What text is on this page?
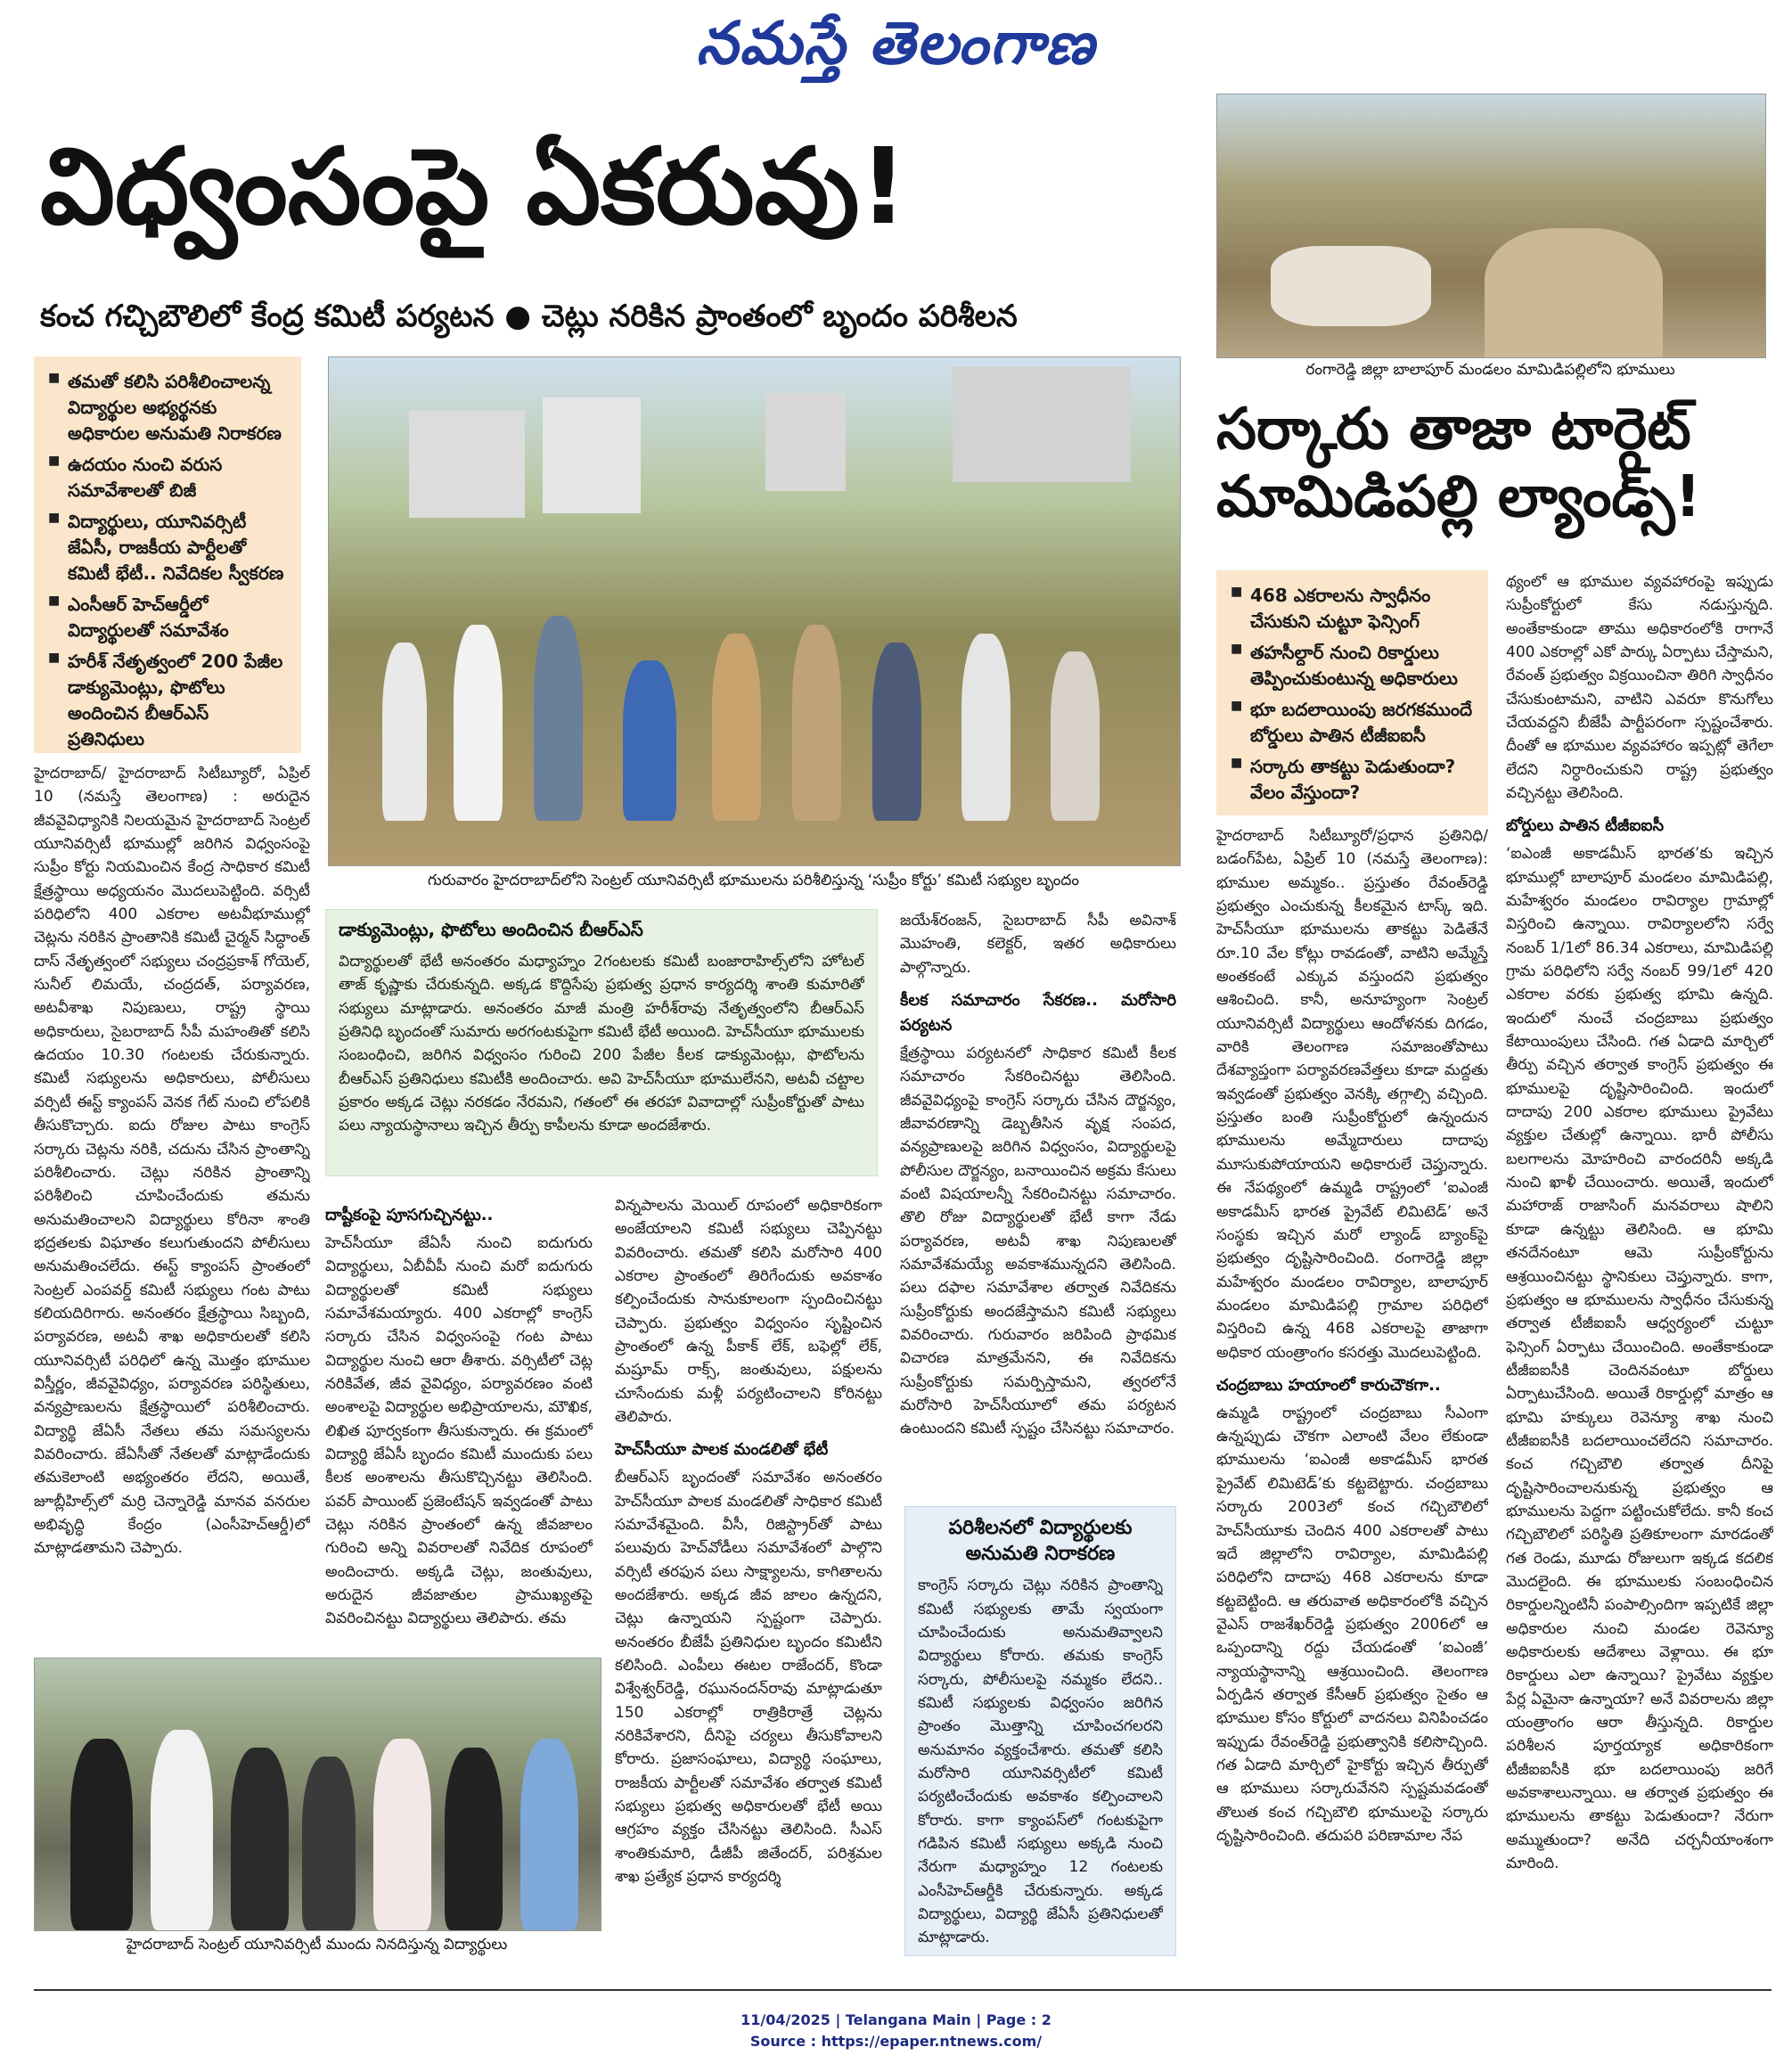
నమస్తే తెలంగాణ
విధ్వంసంపై ఏకరువు!
కంచ గచ్చిబౌలిలో కేంద్ర కమిటీ పర్యటన ● చెట్లు నరికిన ప్రాంతంలో బృందం పరిశీలన
■ తమతో కలిసి పరిశీలించాలన్న విద్యార్థుల అభ్యర్థనకు అధికారుల అనుమతి నిరాకరణ
■ ఉదయం నుంచి వరుస సమావేశాలతో బిజీ
■ విద్యార్థులు, యూనివర్సిటీ జేఏసీ, రాజకీయ పార్టీలతో కమిటీ భేటీ.. నివేదికల స్వీకరణ
■ ఎంసీఆర్ హెచ్‌ఆర్డీలో విద్యార్థులతో సమావేశం
■ హరీశ్ నేతృత్వంలో 200 పేజీల డాక్యుమెంట్లు, ఫొటోలు అందించిన బీఆర్‌ఎస్ ప్రతినిధులు
గురువారం హైదరాబాద్‌లోని సెంట్రల్ యూనివర్సిటీ భూములను పరిశీలిస్తున్న ‘సుప్రీం కోర్టు’ కమిటీ సభ్యుల బృందం
హైదరాబాద్/ హైదరాబాద్ సిటీబ్యూరో, ఏప్రిల్ 10 (నమస్తే తెలంగాణ) : అరుదైన జీవవైవిధ్యానికి నిలయమైన హైదరాబాద్ సెంట్రల్ యూనివర్సిటీ భూముల్లో జరిగిన విధ్వంసంపై సుప్రీం కోర్టు నియమించిన కేంద్ర సాధికార కమిటీ క్షేత్రస్థాయి అధ్యయనం మొదలుపెట్టింది. వర్సిటీ పరిధిలోని 400 ఎకరాల అటవీభూముల్లో చెట్లను నరికిన ప్రాంతానికి కమిటీ చైర్మన్ సిద్ధాంత్ దాస్ నేతృత్వంలో సభ్యులు చంద్రప్రకాశ్ గోయెల్, సునీల్ లిమయే, చంద్రదత్, పర్యావరణ, అటవీశాఖ నిపుణులు, రాష్ట్ర స్థాయి అధికారులు, సైబరాబాద్ సీపీ మహంతితో కలిసి ఉదయం 10.30 గంటలకు చేరుకున్నారు. కమిటీ సభ్యులను అధికారులు, పోలీసులు వర్సిటీ ఈస్ట్ క్యాంపస్ వెనక గేట్ నుంచి లోపలికి తీసుకొచ్చారు. ఐదు రోజుల పాటు కాంగ్రెస్ సర్కారు చెట్లను నరికి, చదును చేసిన ప్రాంతాన్ని పరిశీలించారు. చెట్లు నరికిన ప్రాంతాన్ని పరిశీలించి చూపించేందుకు తమను అనుమతించాలని విద్యార్థులు కోరినా శాంతి భద్రతలకు విఘాతం కలుగుతుందని పోలీసులు అనుమతించలేదు. ఈస్ట్ క్యాంపస్ ప్రాంతంలో సెంట్రల్ ఎంపవర్డ్ కమిటీ సభ్యులు గంట పాటు కలియదిరిగారు. అనంతరం క్షేత్రస్థాయి సిబ్బంది, పర్యావరణ, అటవీ శాఖ అధికారులతో కలిసి యూనివర్సిటీ పరిధిలో ఉన్న మొత్తం భూముల విస్తీర్ణం, జీవవైవిధ్యం, పర్యావరణ పరిస్థితులు, వన్యప్రాణులను క్షేత్రస్థాయిలో పరిశీలించారు. విద్యార్థి జేఏసీ నేతలు తమ సమస్యలను వివరించారు. జేఏసీతో నేతలతో మాట్లాడేందుకు తమకెలాంటి అభ్యంతరం లేదని, అయితే, జూబ్లీహిల్స్‌లో మర్రి చెన్నారెడ్డి మానవ వనరుల అభివృద్ధి కేంద్రం (ఎంసీహెచ్‌ఆర్డీ)లో మాట్లాడతామని చెప్పారు.
డాక్యుమెంట్లు, ఫొటోలు అందించిన బీఆర్‌ఎస్
విద్యార్థులతో భేటీ అనంతరం మధ్యాహ్నం 2గంటలకు కమిటీ బంజారాహిల్స్‌లోని హోటల్ తాజ్ కృష్ణాకు చేరుకున్నది. అక్కడ కొద్దిసేపు ప్రభుత్వ ప్రధాన కార్యదర్శి శాంతి కుమారితో సభ్యులు మాట్లాడారు. అనంతరం మాజీ మంత్రి హరీశ్‌రావు నేతృత్వంలోని బీఆర్‌ఎస్ ప్రతినిధి బృందంతో సుమారు అరగంటకుపైగా కమిటీ భేటీ అయింది. హెచ్‌సీయూ భూములకు సంబంధించి, జరిగిన విధ్వంసం గురించి 200 పేజీల కీలక డాక్యుమెంట్లు, ఫొటోలను బీఆర్‌ఎస్ ప్రతినిధులు కమిటీకి అందించారు. అవి హెచ్‌సీయూ భూములేనని, అటవీ చట్టాల ప్రకారం అక్కడ చెట్లు నరకడం నేరమని, గతంలో ఈ తరహా వివాదాల్లో సుప్రీంకోర్టుతో పాటు పలు న్యాయస్థానాలు ఇచ్చిన తీర్పు కాపీలను కూడా అందజేశారు.
దాష్టీకంపై పూసగుచ్చినట్టు..
హెచ్‌సీయూ జేఏసీ నుంచి ఐదుగురు విద్యార్థులు, ఏబీవీపీ నుంచి మరో ఐదుగురు విద్యార్థులతో కమిటీ సభ్యులు సమావేశమయ్యారు. 400 ఎకరాల్లో కాంగ్రెస్ సర్కారు చేసిన విధ్వంసంపై గంట పాటు విద్యార్థుల నుంచి ఆరా తీశారు. వర్సిటీలో చెట్ల నరికివేత, జీవ వైవిధ్యం, పర్యావరణం వంటి అంశాలపై విద్యార్థుల అభిప్రాయాలను, మౌఖిక, లిఖిత పూర్వకంగా తీసుకున్నారు. ఈ క్రమంలో విద్యార్థి జేఏసీ బృందం కమిటీ ముందుకు పలు కీలక అంశాలను తీసుకొచ్చినట్టు తెలిసింది. పవర్ పాయింట్ ప్రజెంటేషన్ ఇవ్వడంతో పాటు చెట్లు నరికిన ప్రాంతంలో ఉన్న జీవజాలం గురించి అన్ని వివరాలతో నివేదిక రూపంలో అందించారు. అక్కడి చెట్లు, జంతువులు, అరుదైన జీవజాతుల ప్రాముఖ్యతపై వివరించినట్టు విద్యార్థులు తెలిపారు. తమ
విన్నపాలను మెయిల్ రూపంలో అధికారికంగా అంజేయాలని కమిటీ సభ్యులు చెప్పినట్టు వివరించారు. తమతో కలిసి మరోసారి 400 ఎకరాల ప్రాంతంలో తిరిగేందుకు అవకాశం కల్పించేందుకు సానుకూలంగా స్పందించినట్టు చెప్పారు. ప్రభుత్వం విధ్వంసం సృష్టించిన ప్రాంతంలో ఉన్న పీకాక్ లేక్, బఫెల్లో లేక్, మష్రూమ్ రాక్స్, జంతువులు, పక్షులను చూసేందుకు మళ్లీ పర్యటించాలని కోరినట్టు తెలిపారు.
హెచ్‌సీయూ పాలక మండలితో భేటీ
బీఆర్‌ఎస్ బృందంతో సమావేశం అనంతరం హెచ్‌సీయూ పాలక మండలితో సాధికార కమిటీ సమావేశమైంది. వీసీ, రిజిస్ట్రార్‌తో పాటు పలువురు హెచ్‌వోడీలు సమావేశంలో పాల్గొని వర్సిటీ తరఫున పలు సాక్ష్యాలను, కాగితాలను అందజేశారు. అక్కడ జీవ జాలం ఉన్నదని, చెట్లు ఉన్నాయని స్పష్టంగా చెప్పారు. అనంతరం బీజేపీ ప్రతినిధుల బృందం కమిటీని కలిసింది. ఎంపీలు ఈటల రాజేందర్, కొండా విశ్వేశ్వర్‌రెడ్డి, రఘునందన్‌రావు మాట్లాడుతూ 150 ఎకరాల్లో రాత్రికిరాత్రే చెట్లను నరికివేశారని, దీనిపై చర్యలు తీసుకోవాలని కోరారు. ప్రజాసంఘాలు, విద్యార్థి సంఘాలు, రాజకీయ పార్టీలతో సమావేశం తర్వాత కమిటీ సభ్యులు ప్రభుత్వ అధికారులతో భేటీ అయి ఆగ్రహం వ్యక్తం చేసినట్టు తెలిసింది. సీఎస్ శాంతికుమారి, డీజీపీ జితేందర్, పరిశ్రమల శాఖ ప్రత్యేక ప్రధాన కార్యదర్శి
జయేశ్‌రంజన్, సైబరాబాద్ సీపీ అవినాశ్ మొహంతి, కలెక్టర్, ఇతర అధికారులు పాల్గొన్నారు.
కీలక సమాచారం సేకరణ.. మరోసారి పర్యటన
క్షేత్రస్థాయి పర్యటనలో సాధికార కమిటీ కీలక సమాచారం సేకరించినట్టు తెలిసింది. జీవవైవిధ్యంపై కాంగ్రెస్ సర్కారు చేసిన దౌర్జన్యం, జీవావరణాన్ని డెబ్బతీసిన వృక్ష సంపద, వన్యప్రాణులపై జరిగిన విధ్వంసం, విద్యార్థులపై పోలీసుల దౌర్జన్యం, బనాయించిన అక్రమ కేసులు వంటి విషయాలన్నీ సేకరించినట్టు సమాచారం. తొలి రోజు విద్యార్థులతో భేటీ కాగా నేడు పర్యావరణ, అటవీ శాఖ నిపుణులతో సమావేశమయ్యే అవకాశమున్నదని తెలిసింది. పలు దఫాల సమావేశాల తర్వాత నివేదికను సుప్రీంకోర్టుకు అందజేస్తామని కమిటీ సభ్యులు వివరించారు. గురువారం జరిపింది ప్రాథమిక విచారణ మాత్రమేనని, ఈ నివేదికను సుప్రీంకోర్టుకు సమర్పిస్తామని, త్వరలోనే మరోసారి హెచ్‌సీయూలో తమ పర్యటన ఉంటుందని కమిటీ స్పష్టం చేసినట్టు సమాచారం.
పరిశీలనలో విద్యార్థులకు అనుమతి నిరాకరణ
కాంగ్రెస్ సర్కారు చెట్లు నరికిన ప్రాంతాన్ని కమిటీ సభ్యులకు తామే స్వయంగా చూపించేందుకు అనుమతివ్వాలని విద్యార్థులు కోరారు. తమకు కాంగ్రెస్ సర్కారు, పోలీసులపై నమ్మకం లేదని.. కమిటీ సభ్యులకు విధ్వంసం జరిగిన ప్రాంతం మొత్తాన్ని చూపించగలరని అనుమానం వ్యక్తంచేశారు. తమతో కలిసి మరోసారి యూనివర్సిటీలో కమిటీ పర్యటించేందుకు అవకాశం కల్పించాలని కోరారు. కాగా క్యాంపస్‌లో గంటకుపైగా గడిపిన కమిటీ సభ్యులు అక్కడి నుంచి నేరుగా మధ్యాహ్నం 12 గంటలకు ఎంసీహెచ్‌ఆర్డీకి చేరుకున్నారు. అక్కడ విద్యార్థులు, విద్యార్థి జేఏసీ ప్రతినిధులతో మాట్లాడారు.
హైదరాబాద్ సెంట్రల్ యూనివర్సిటీ ముందు నినదిస్తున్న విద్యార్థులు
రంగారెడ్డి జిల్లా బాలాపూర్ మండలం మామిడిపల్లిలోని భూములు
సర్కారు తాజా టార్గెట్
మామిడిపల్లి ల్యాండ్స్!
■ 468 ఎకరాలను స్వాధీనం చేసుకుని చుట్టూ ఫెన్సింగ్
■ తహసీల్దార్ నుంచి రికార్డులు తెప్పించుకుంటున్న అధికారులు
■ భూ బదలాయింపు జరగకముందే బోర్డులు పాతిన టీజీఐఐసీ
■ సర్కారు తాకట్టు పెడుతుందా? వేలం వేస్తుందా?
హైదరాబాద్ సిటీబ్యూరో/ప్రధాన ప్రతినిధి/బడంగ్‌పేట, ఏప్రిల్ 10 (నమస్తే తెలంగాణ): భూముల అమ్మకం.. ప్రస్తుతం రేవంత్‌రెడ్డి ప్రభుత్వం ఎంచుకున్న కీలకమైన టాస్క్ ఇది. హెచ్‌సీయూ భూములను తాకట్టు పెడితేనే రూ.10 వేల కోట్లు రావడంతో, వాటిని అమ్మేస్తే అంతకంటే ఎక్కువ వస్తుందని ప్రభుత్వం ఆశించింది. కానీ, అనూహ్యంగా సెంట్రల్ యూనివర్సిటీ విద్యార్థులు ఆందోళనకు దిగడం, వారికి తెలంగాణ సమాజంతోపాటు దేశవ్యాప్తంగా పర్యావరణవేత్తలు కూడా మద్దతు ఇవ్వడంతో ప్రభుత్వం వెనక్కి తగ్గాల్సి వచ్చింది. ప్రస్తుతం బంతి సుప్రీంకోర్టులో ఉన్నందున భూములను అమ్మేదారులు దాదాపు మూసుకుపోయాయని అధికారులే చెప్తున్నారు. ఈ నేపథ్యంలో ఉమ్మడి రాష్ట్రంలో ‘ఐఎంజీ అకాడమీస్ భారత ప్రైవేట్ లిమిటెడ్’ అనే సంస్థకు ఇచ్చిన మరో ల్యాండ్ బ్యాంక్‌పై ప్రభుత్వం దృష్టిసారించింది. రంగారెడ్డి జిల్లా మహేశ్వరం మండలం రావిర్యాల, బాలాపూర్ మండలం మామిడిపల్లి గ్రామాల పరిధిలో విస్తరించి ఉన్న 468 ఎకరాలపై తాజాగా అధికార యంత్రాంగం కసరత్తు మొదలుపెట్టింది.
చంద్రబాబు హయాంలో కారుచౌకగా..
ఉమ్మడి రాష్ట్రంలో చంద్రబాబు సీఎంగా ఉన్నప్పుడు చౌకగా ఎలాంటి వేలం లేకుండా భూములను ‘ఐఎంజీ అకాడమీస్ భారత ప్రైవేట్ లిమిటెడ్’కు కట్టబెట్టారు. చంద్రబాబు సర్కారు 2003లో కంచ గచ్చిబౌలిలో హెచ్‌సీయూకు చెందిన 400 ఎకరాలతో పాటు ఇదే జిల్లాలోని రావిర్యాల, మామిడిపల్లి పరిధిలోని దాదాపు 468 ఎకరాలను కూడా కట్టబెట్టింది. ఆ తరువాత అధికారంలోకి వచ్చిన వైఎస్ రాజశేఖర్‌రెడ్డి ప్రభుత్వం 2006లో ఆ ఒప్పందాన్ని రద్దు చేయడంతో ‘ఐఎంజీ’ న్యాయస్థానాన్ని ఆశ్రయించింది. తెలంగాణ ఏర్పడిన తర్వాత కేసీఆర్ ప్రభుత్వం సైతం ఆ భూముల కోసం కోర్టులో వాదనలు వినిపించడం ఇప్పుడు రేవంత్‌రెడ్డి ప్రభుత్వానికి కలిసొచ్చింది. గత ఏడాది మార్చిలో హైకోర్టు ఇచ్చిన తీర్పుతో ఆ భూములు సర్కారువేనని స్పష్టమవడంతో తొలుత కంచ గచ్చిబౌలి భూములపై సర్కారు దృష్టిసారించింది. తదుపరి పరిణామాల నేప
థ్యంలో ఆ భూముల వ్యవహారంపై ఇప్పుడు సుప్రీంకోర్టులో కేసు నడుస్తున్నది. అంతేకాకుండా తాము అధికారంలోకి రాగానే 400 ఎకరాల్లో ఎకో పార్కు ఏర్పాటు చేస్తామని, రేవంత్ ప్రభుత్వం విక్రయించినా తిరిగి స్వాధీనం చేసుకుంటామని, వాటిని ఎవరూ కొనుగోలు చేయవద్దని బీజేపీ పార్టీపరంగా స్పష్టంచేశారు. దీంతో ఆ భూముల వ్యవహారం ఇప్పట్లో తెగేలా లేదని నిర్ధారించుకుని రాష్ట్ర ప్రభుత్వం వచ్చినట్టు తెలిసింది.
బోర్డులు పాతిన టీజీఐఐసీ
‘ఐఎంజీ అకాడమీస్ భారత’కు ఇచ్చిన భూముల్లో బాలాపూర్ మండలం మామిడిపల్లి, మహేశ్వరం మండలం రావిర్యాల గ్రామాల్లో విస్తరించి ఉన్నాయి. రావిర్యాలలోని సర్వే నంబర్ 1/1లో 86.34 ఎకరాలు, మామిడిపల్లి గ్రామ పరిధిలోని సర్వే నంబర్ 99/1లో 420 ఎకరాల వరకు ప్రభుత్వ భూమి ఉన్నది. ఇందులో నుంచే చంద్రబాబు ప్రభుత్వం కేటాయింపులు చేసింది. గత ఏడాది మార్చిలో తీర్పు వచ్చిన తర్వాత కాంగ్రెస్ ప్రభుత్వం ఈ భూములపై దృష్టిసారించింది. ఇందులో దాదాపు 200 ఎకరాల భూములు ప్రైవేటు వ్యక్తుల చేతుల్లో ఉన్నాయి. భారీ పోలీసు బలగాలను మోహరించి వారందరినీ అక్కడి నుంచి ఖాళీ చేయించారు. అయితే, ఇందులో మహారాజ్ రాజాసింగ్ మనవరాలు షాలిని కూడా ఉన్నట్టు తెలిసింది. ఆ భూమి తనదేనంటూ ఆమె సుప్రీంకోర్టును ఆశ్రయించినట్టు స్థానికులు చెప్తున్నారు. కాగా, ప్రభుత్వం ఆ భూములను స్వాధీనం చేసుకున్న తర్వాత టీజీఐఐసీ ఆధ్వర్యంలో చుట్టూ ఫెన్సింగ్ ఏర్పాటు చేయించింది. అంతేకాకుండా టీజీఐఐసీకి చెందినవంటూ బోర్డులు ఏర్పాటుచేసింది. అయితే రికార్డుల్లో మాత్రం ఆ భూమి హక్కులు రెవెన్యూ శాఖ నుంచి టీజీఐఐసీకి బదలాయించలేదని సమాచారం. కంచ గచ్చిబౌలి తర్వాత దీనిపై దృష్టిసారించాలనుకున్న ప్రభుత్వం ఆ భూములను పెద్దగా పట్టించుకోలేదు. కానీ కంచ గచ్చిబౌలిలో పరిస్థితి ప్రతికూలంగా మారడంతో గత రెండు, మూడు రోజులుగా ఇక్కడ కదలిక మొదలైంది. ఈ భూములకు సంబంధించిన రికార్డులన్నింటినీ పంపాల్సిందిగా ఇప్పటికే జిల్లా అధికారుల నుంచి మండల రెవెన్యూ అధికారులకు ఆదేశాలు వెళ్లాయి. ఈ భూ రికార్డులు ఎలా ఉన్నాయి? ప్రైవేటు వ్యక్తుల పేర్ల ఏమైనా ఉన్నాయా? అనే వివరాలను జిల్లా యంత్రాంగం ఆరా తీస్తున్నది. రికార్డుల పరిశీలన పూర్తయ్యాక అధికారికంగా టీజీఐఐసీకి భూ బదలాయింపు జరిగే అవకాశాలున్నాయి. ఆ తర్వాత ప్రభుత్వం ఈ భూములను తాకట్టు పెడుతుందా? నేరుగా అమ్ముతుందా? అనేది చర్చనీయాంశంగా మారింది.
11/04/2025 | Telangana Main | Page : 2
Source : https://epaper.ntnews.com/
